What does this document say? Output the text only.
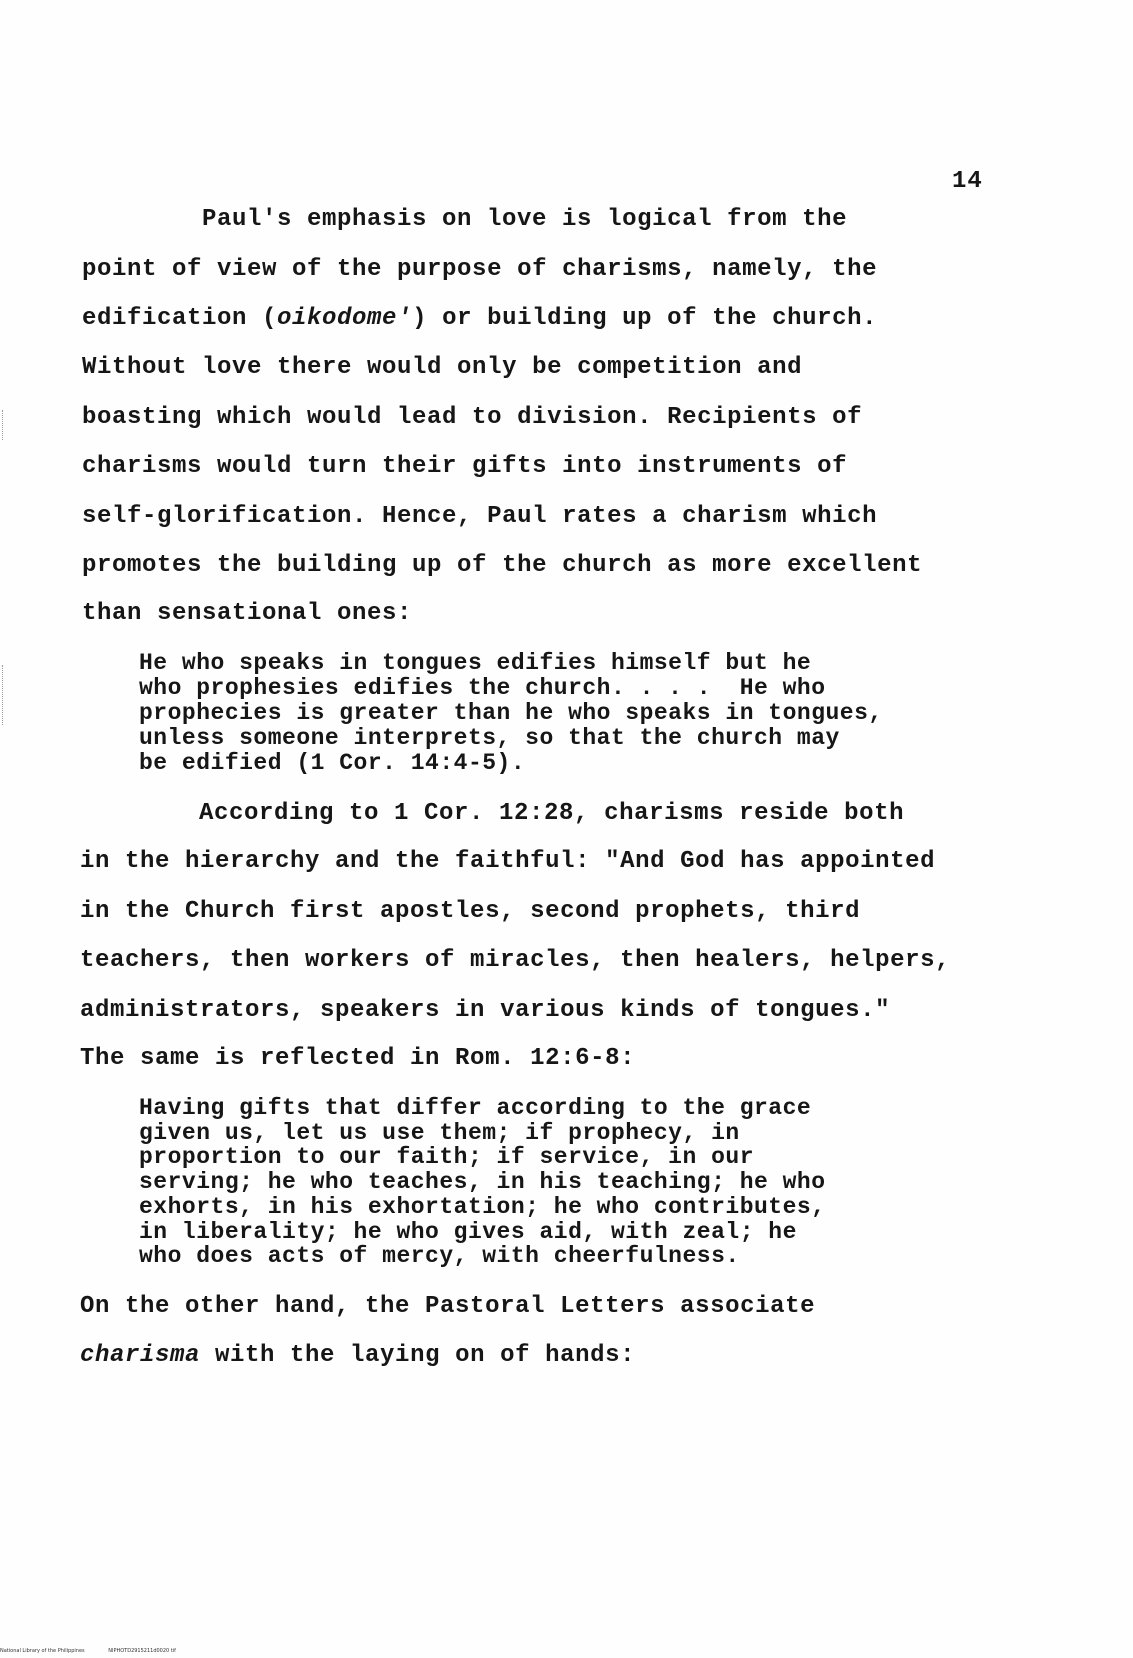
14
Paul's emphasis on love is logical from the
point of view of the purpose of charisms, namely, the
edification (oikodome') or building up of the church.
Without love there would only be competition and
boasting which would lead to division. Recipients of
charisms would turn their gifts into instruments of
self-glorification. Hence, Paul rates a charism which
promotes the building up of the church as more excellent
than sensational ones:
He who speaks in tongues edifies himself but he
who prophesies edifies the church. . . .  He who
prophecies is greater than he who speaks in tongues,
unless someone interprets, so that the church may
be edified (1 Cor. 14:4-5).
According to 1 Cor. 12:28, charisms reside both
in the hierarchy and the faithful: "And God has appointed
in the Church first apostles, second prophets, third
teachers, then workers of miracles, then healers, helpers,
administrators, speakers in various kinds of tongues."
The same is reflected in Rom. 12:6-8:
Having gifts that differ according to the grace
given us, let us use them; if prophecy, in
proportion to our faith; if service, in our
serving; he who teaches, in his teaching; he who
exhorts, in his exhortation; he who contributes,
in liberality; he who gives aid, with zeal; he
who does acts of mercy, with cheerfulness.
On the other hand, the Pastoral Letters associate
charisma with the laying on of hands:
National Library of the Philippines	NIPHOTD2915211d0020 tif
